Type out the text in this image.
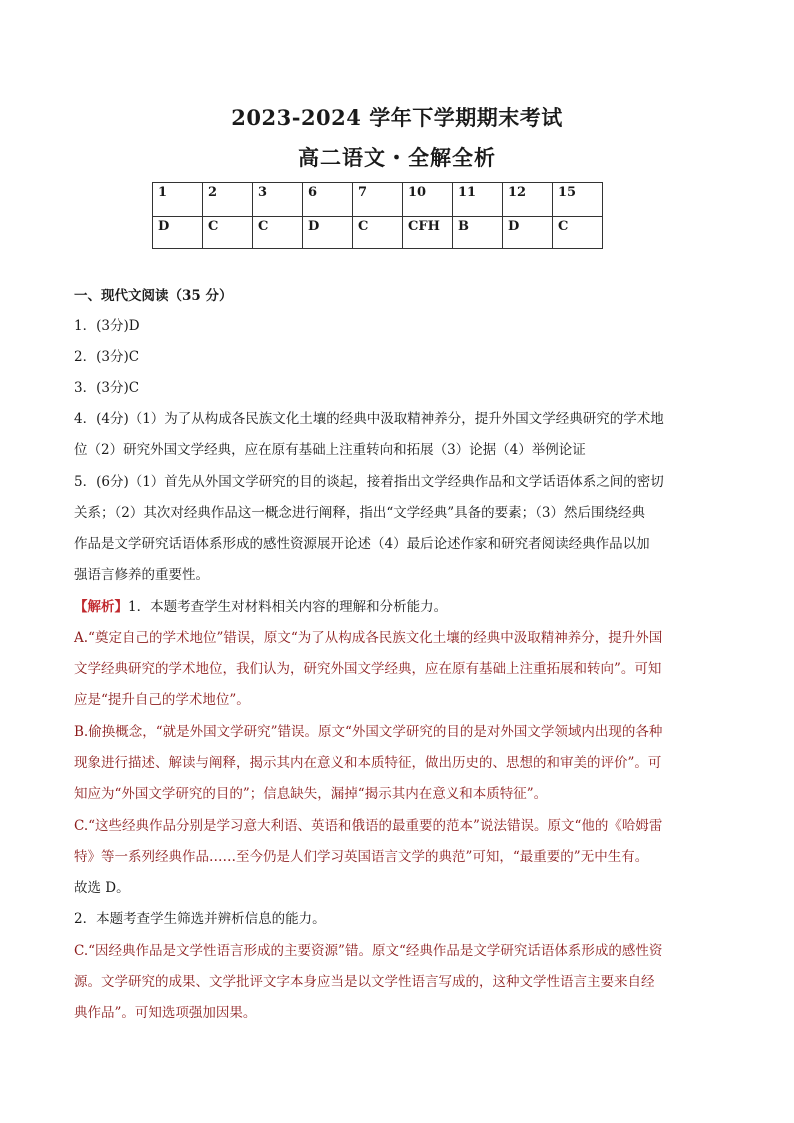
2023-2024 学年下学期期末考试
高二语文・全解全析
1	2	3	6	7	10	11	12	15
D	C	C	D	C	CFH	B	D	C
一、现代文阅读（35 分）
1．(3分)D
2．(3分)C
3．(3分)C
4．(4分)（1）为了从构成各民族文化土壤的经典中汲取精神养分，提升外国文学经典研究的学术地
位（2）研究外国文学经典，应在原有基础上注重转向和拓展（3）论据（4）举例论证
5．(6分)（1）首先从外国文学研究的目的谈起，接着指出文学经典作品和文学话语体系之间的密切
关系；（2）其次对经典作品这一概念进行阐释，指出“文学经典”具备的要素；（3）然后围绕经典
作品是文学研究话语体系形成的感性资源展开论述（4）最后论述作家和研究者阅读经典作品以加
强语言修养的重要性。
【解析】1．本题考查学生对材料相关内容的理解和分析能力。
A.“奠定自己的学术地位”错误，原文“为了从构成各民族文化土壤的经典中汲取精神养分，提升外国
文学经典研究的学术地位，我们认为，研究外国文学经典，应在原有基础上注重拓展和转向”。可知
应是“提升自己的学术地位”。
B.偷换概念，“就是外国文学研究”错误。原文“外国文学研究的目的是对外国文学领域内出现的各种
现象进行描述、解读与阐释，揭示其内在意义和本质特征，做出历史的、思想的和审美的评价”。可
知应为“外国文学研究的目的”；信息缺失，漏掉“揭示其内在意义和本质特征”。
C.“这些经典作品分别是学习意大利语、英语和俄语的最重要的范本”说法错误。原文“他的《哈姆雷
特》等一系列经典作品……至今仍是人们学习英国语言文学的典范”可知，“最重要的”无中生有。
故选 D。
2．本题考查学生筛选并辨析信息的能力。
C.“因经典作品是文学性语言形成的主要资源”错。原文“经典作品是文学研究话语体系形成的感性资
源。文学研究的成果、文学批评文字本身应当是以文学性语言写成的，这种文学性语言主要来自经
典作品”。可知选项强加因果。
